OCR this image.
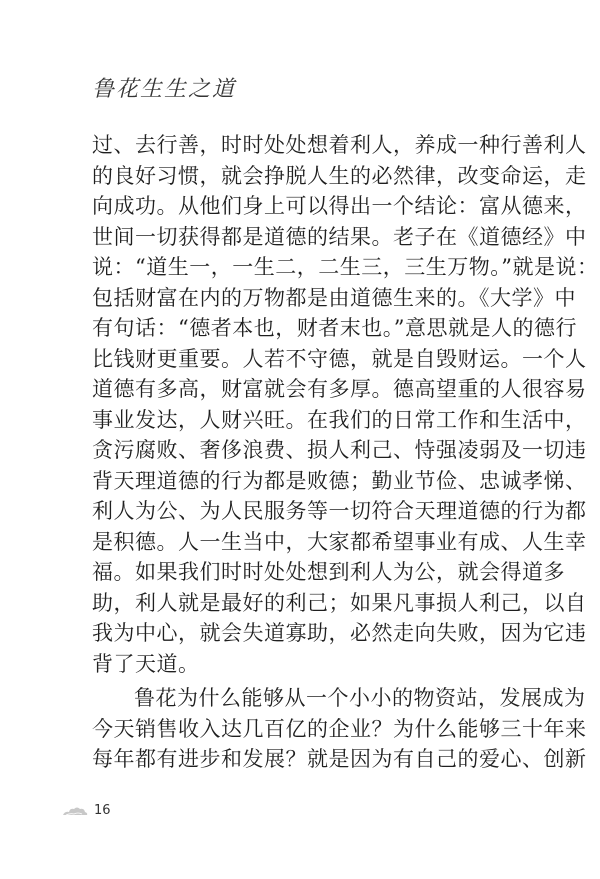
鲁花生生之道
过、去行善，时时处处想着利人，养成一种行善利人
的良好习惯，就会挣脱人生的必然律，改变命运，走
向成功。从他们身上可以得出一个结论：富从德来，
世间一切获得都是道德的结果。老子在《道德经》中
说：“道生一，一生二，二生三，三生万物。”就是说：
包括财富在内的万物都是由道德生来的。《大学》中
有句话：“德者本也，财者末也。”意思就是人的德行
比钱财更重要。人若不守德，就是自毁财运。一个人
道德有多高，财富就会有多厚。德高望重的人很容易
事业发达，人财兴旺。在我们的日常工作和生活中，
贪污腐败、奢侈浪费、损人利己、恃强凌弱及一切违
背天理道德的行为都是败德；勤业节俭、忠诚孝悌、
利人为公、为人民服务等一切符合天理道德的行为都
是积德。人一生当中，大家都希望事业有成、人生幸
福。如果我们时时处处想到利人为公，就会得道多
助，利人就是最好的利己；如果凡事损人利己，以自
我为中心，就会失道寡助，必然走向失败，因为它违
背了天道。
鲁花为什么能够从一个小小的物资站，发展成为
今天销售收入达几百亿的企业？为什么能够三十年来
每年都有进步和发展？就是因为有自己的爱心、创新
16
